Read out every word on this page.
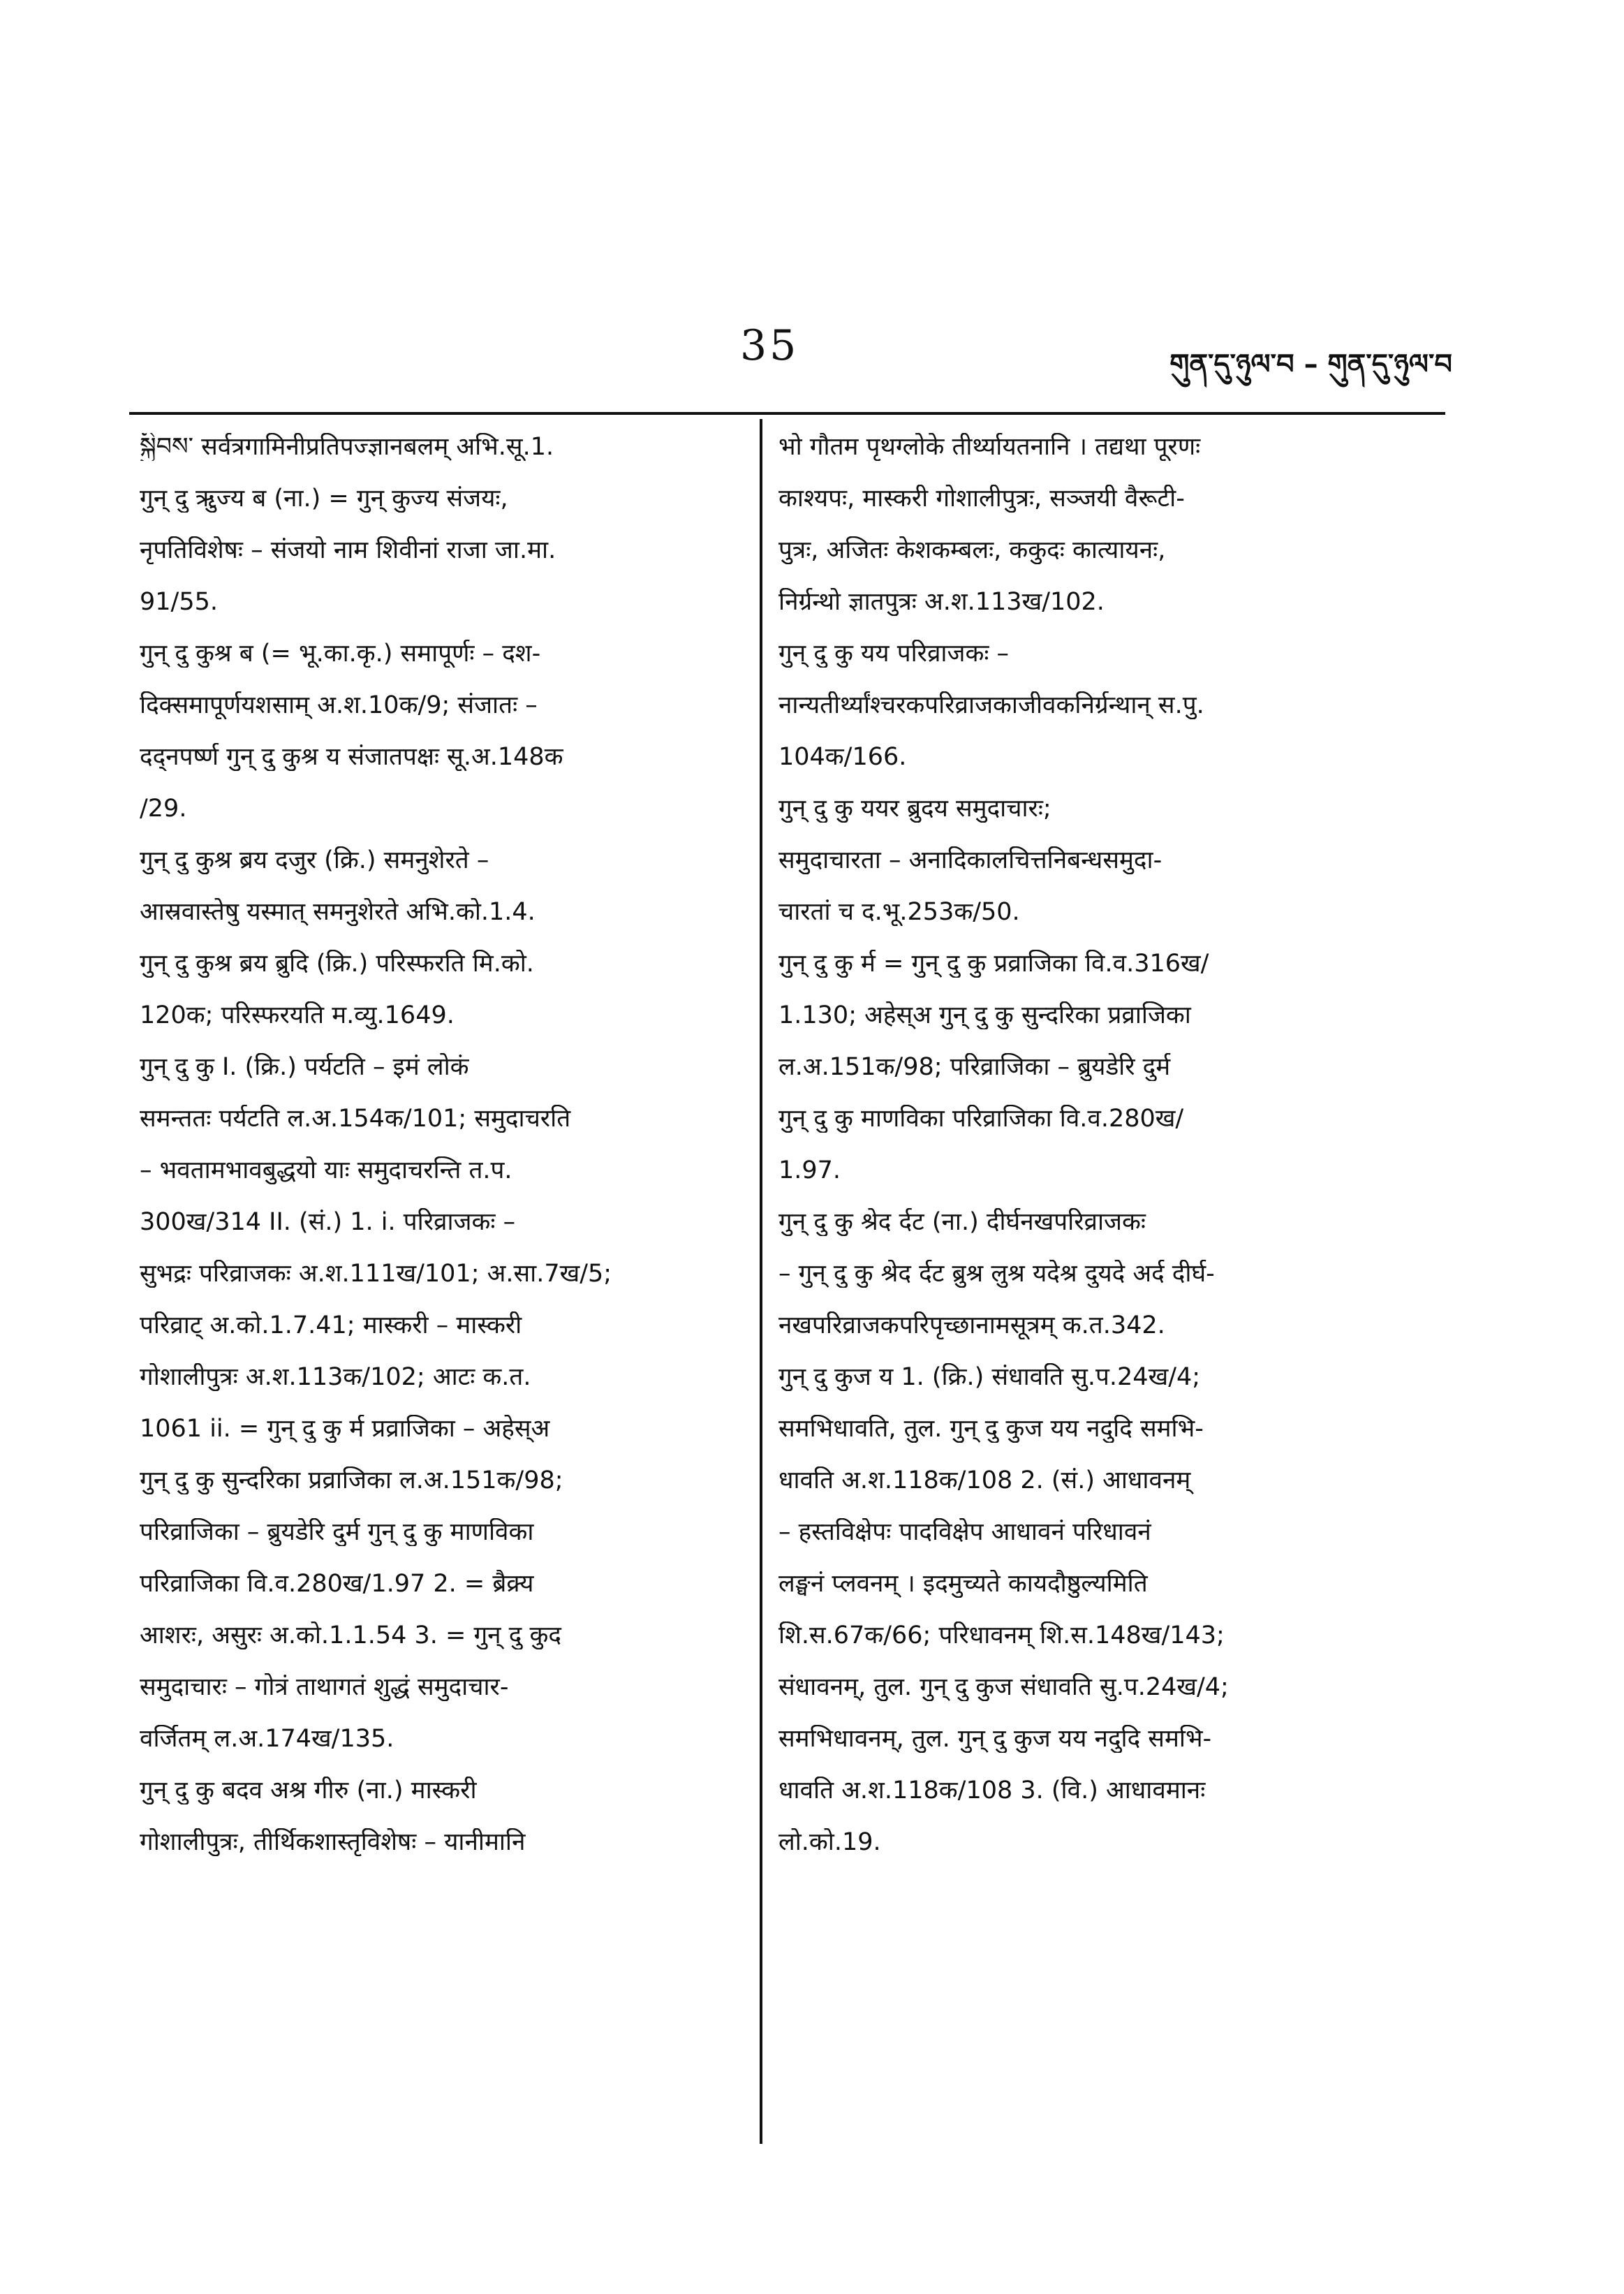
35	གུན་དུ་ཉུལ་བ – གུན་དུ་ཉུལ་བ
སྐྱིབས་ सर्वत्रगामिनीप्रतिपज्ज्ञानबलम् अभि.सू.1.
गुन्‌ दु ऋुज्य ब (ना.) = गुन्‌ कुज्य संजयः,
नृपतिविशेषः – संजयो नाम शिवीनां राजा जा.मा.
91/55.
गुन्‌ दु कुश्र ब (= भू.का.कृ.) समापूर्णः – दश-
दिक्समापूर्णयशसाम् अ.श.10क/9; संजातः –
दद्नपर्ष्ण गुन्‌ दु कुश्र य संजातपक्षः सू.अ.148क
/29.
गुन्‌ दु कुश्र ब्रय दजुर (क्रि.) समनुशेरते –
आस्रवास्तेषु यस्मात् समनुशेरते अभि.को.1.4.
गुन्‌ दु कुश्र ब्रय ब्रुदि (क्रि.) परिस्फरति मि.को.
120क; परिस्फरयति म.व्यु.1649.
गुन्‌ दु कु I. (क्रि.) पर्यटति – इमं लोकं
समन्ततः पर्यटति ल.अ.154क/101; समुदाचरति
– भवतामभावबुद्धयो याः समुदाचरन्ति त.प.
300ख/314 II. (सं.) 1. i. परिव्राजकः –
सुभद्रः परिव्राजकः अ.श.111ख/101; अ.सा.7ख/5;
परिव्राट् अ.को.1.7.41; मास्करी – मास्करी
गोशालीपुत्रः अ.श.113क/102; आटः क.त.
1061 ii. = गुन्‌ दु कु र्म प्रव्राजिका – अहेस्अ
गुन्‌ दु कु सुन्दरिका प्रव्राजिका ल.अ.151क/98;
परिव्राजिका – ब्रुयडेरि दुर्म गुन्‌ दु कु माणविका
परिव्राजिका वि.व.280ख/1.97 2. = ब्रैक्र्य
आशरः, असुरः अ.को.1.1.54 3. = गुन्‌ दु कुद
समुदाचारः – गोत्रं ताथागतं शुद्धं समुदाचार-
वर्जितम् ल.अ.174ख/135.
गुन्‌ दु कु बदव अश्र गीरु (ना.) मास्करी
गोशालीपुत्रः, तीर्थिकशास्तृविशेषः – यानीमानि
भो गौतम पृथग्लोके तीर्थ्यायतनानि । तद्यथा पूरणः
काश्यपः, मास्करी गोशालीपुत्रः, सञ्जयी वैरूटी-
पुत्रः, अजितः केशकम्बलः, ककुदः कात्यायनः,
निर्ग्रन्थो ज्ञातपुत्रः अ.श.113ख/102.
गुन्‌ दु कु यय परिव्राजकः –
नान्यतीर्थ्यांश्चरकपरिव्राजकाजीवकनिर्ग्रन्थान् स.पु.
104क/166.
गुन्‌ दु कु ययर ब्रुदय समुदाचारः;
समुदाचारता – अनादिकालचित्तनिबन्धसमुदा-
चारतां च द.भू.253क/50.
गुन्‌ दु कु र्म = गुन्‌ दु कु प्रव्राजिका वि.व.316ख/
1.130; अहेस्अ गुन्‌ दु कु सुन्दरिका प्रव्राजिका
ल.अ.151क/98; परिव्राजिका – ब्रुयडेरि दुर्म
गुन्‌ दु कु माणविका परिव्राजिका वि.व.280ख/
1.97.
गुन्‌ दु कु श्रेद र्दट (ना.) दीर्घनखपरिव्राजकः
– गुन्‌ दु कु श्रेद र्दट ब्रुश्र लुश्र यदेश्र दुयदे अर्द दीर्घ-
नखपरिव्राजकपरिपृच्छानामसूत्रम् क.त.342.
गुन्‌ दु कुज य 1. (क्रि.) संधावति सु.प.24ख/4;
समभिधावति, तुल. गुन्‌ दु कुज यय नदुदि समभि-
धावति अ.श.118क/108 2. (सं.) आधावनम्
– हस्तविक्षेपः पादविक्षेप आधावनं परिधावनं
लङ्घनं प्लवनम् । इदमुच्यते कायदौष्ठुल्यमिति
शि.स.67क/66; परिधावनम् शि.स.148ख/143;
संधावनम्, तुल. गुन्‌ दु कुज संधावति सु.प.24ख/4;
समभिधावनम्, तुल. गुन्‌ दु कुज यय नदुदि समभि-
धावति अ.श.118क/108 3. (वि.) आधावमानः
लो.को.19.
